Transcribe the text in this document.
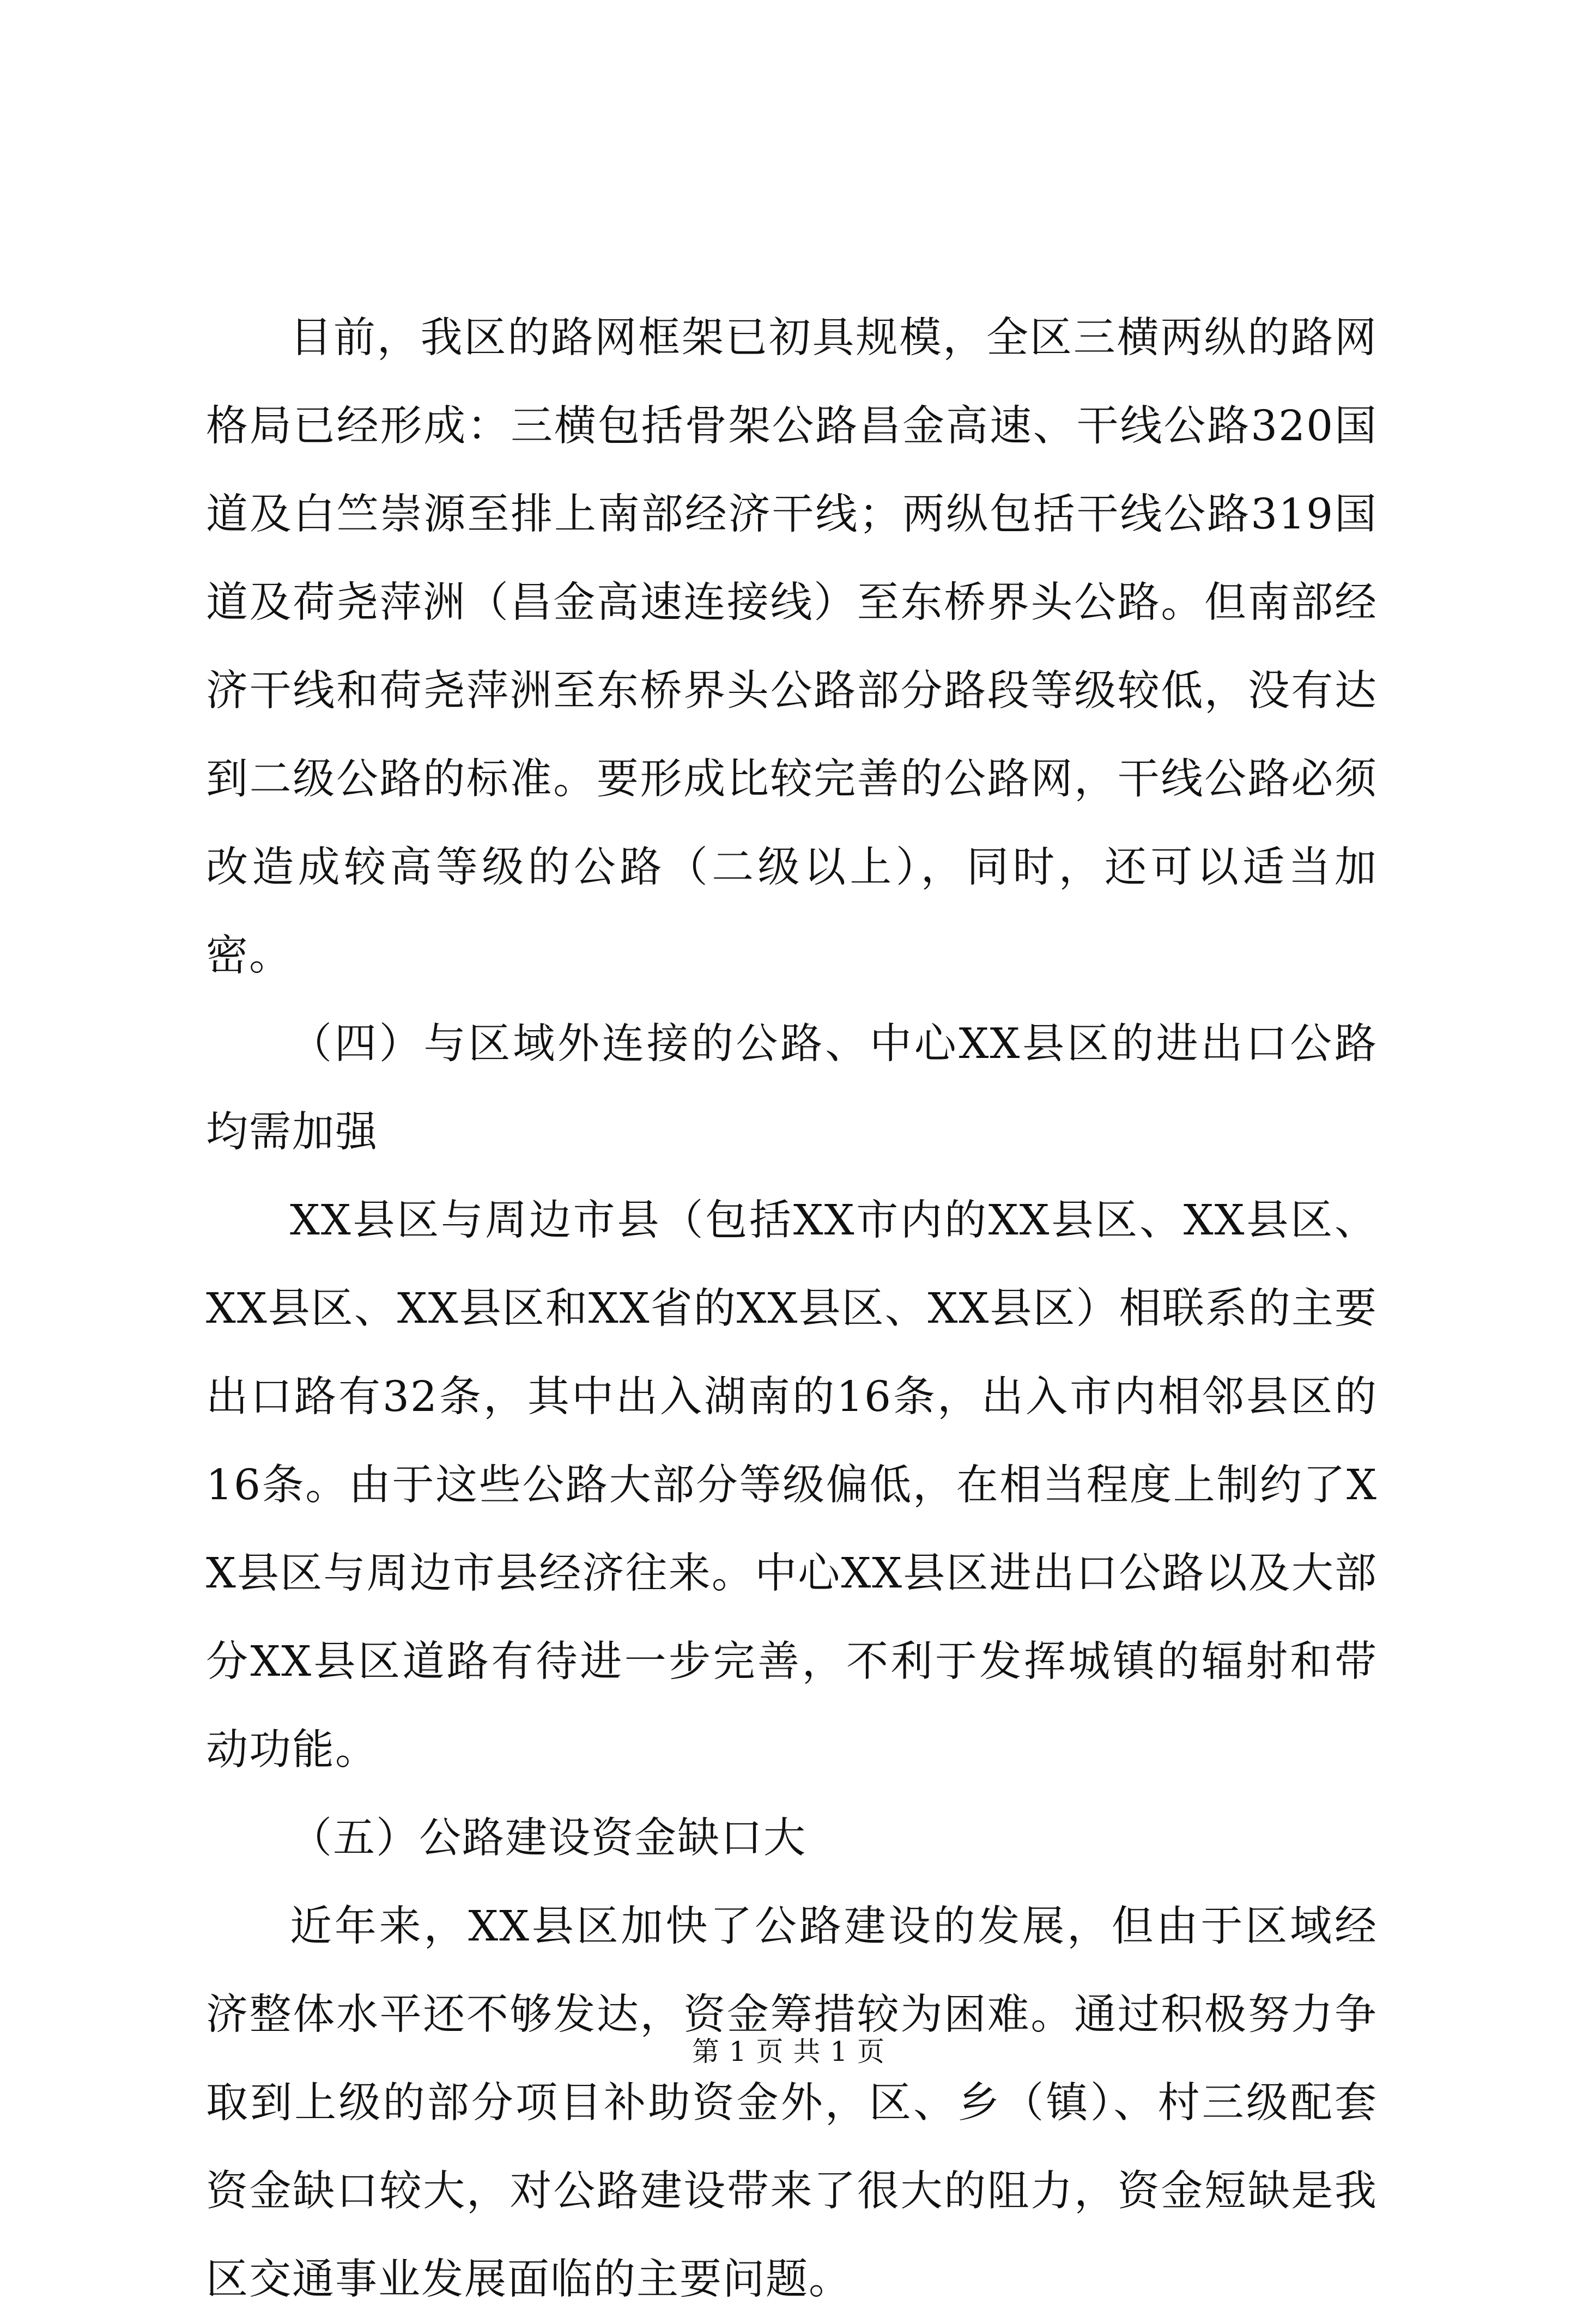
目前，我区的路网框架已初具规模，全区三横两纵的路网格局已经形成：三横包括骨架公路昌金高速、干线公路320国道及白竺崇源至排上南部经济干线；两纵包括干线公路319国道及荷尧萍洲（昌金高速连接线）至东桥界头公路。但南部经济干线和荷尧萍洲至东桥界头公路部分路段等级较低，没有达到二级公路的标准。要形成比较完善的公路网，干线公路必须改造成较高等级的公路（二级以上），同时，还可以适当加密。

（四）与区域外连接的公路、中心XX县区的进出口公路均需加强

XX县区与周边市县（包括XX市内的XX县区、XX县区、XX县区、XX县区和XX省的XX县区、XX县区）相联系的主要出口路有32条，其中出入湖南的16条，出入市内相邻县区的16条。由于这些公路大部分等级偏低，在相当程度上制约了XX县区与周边市县经济往来。中心XX县区进出口公路以及大部分XX县区道路有待进一步完善，不利于发挥城镇的辐射和带动功能。

（五）公路建设资金缺口大

近年来，XX县区加快了公路建设的发展，但由于区域经济整体水平还不够发达，资金筹措较为困难。通过积极努力争取到上级的部分项目补助资金外，区、乡（镇）、村三级配套资金缺口较大，对公路建设带来了很大的阻力，资金短缺是我区交通事业发展面临的主要问题。

第 1 页 共 1 页
